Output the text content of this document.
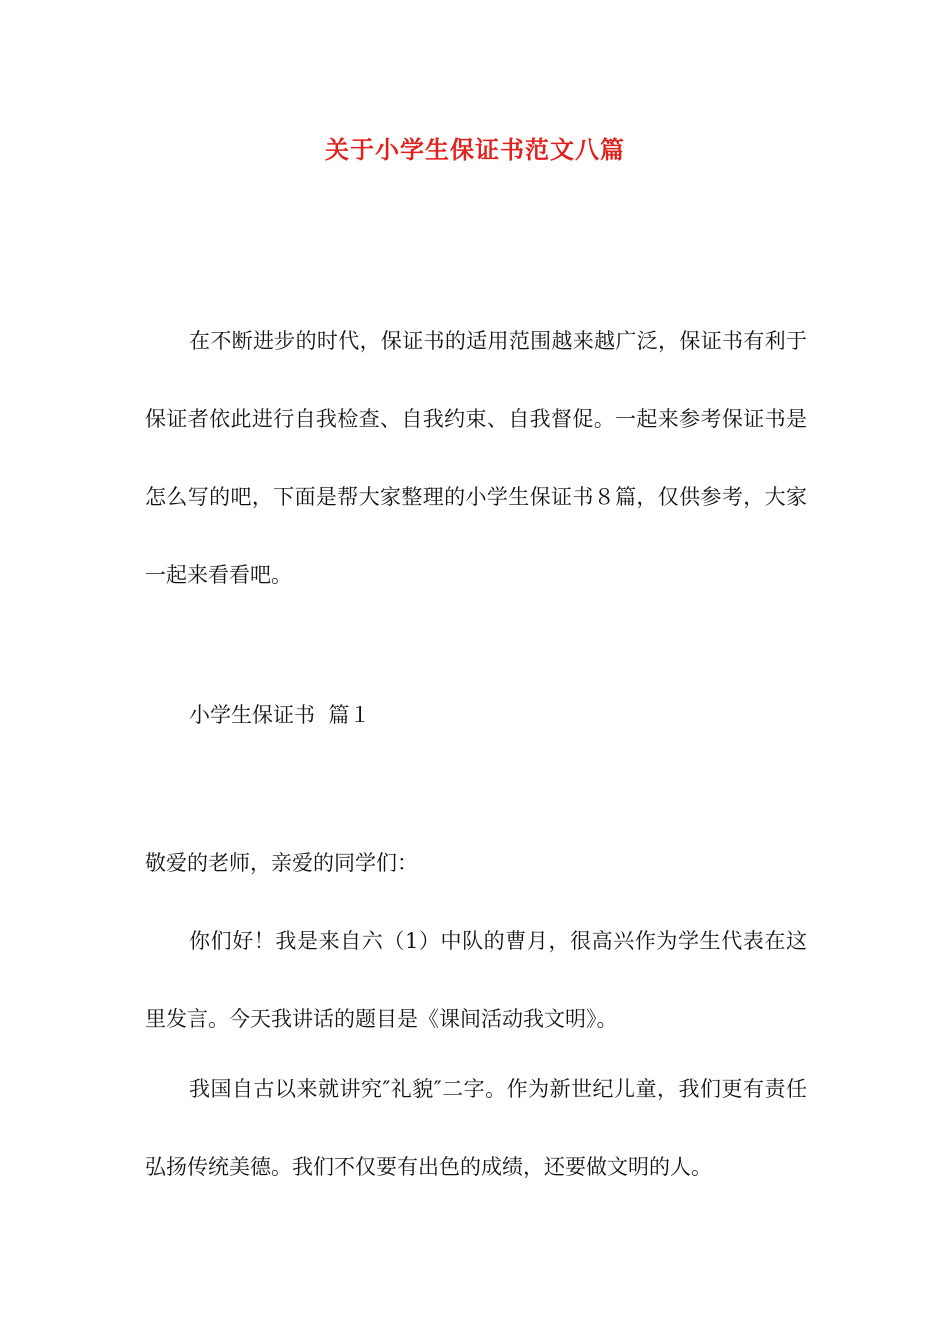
关于小学生保证书范文八篇

在不断进步的时代，保证书的适用范围越来越广泛，保证书有利于保证者依此进行自我检查、自我约束、自我督促。一起来参考保证书是怎么写的吧，下面是帮大家整理的小学生保证书８篇，仅供参考，大家一起来看看吧。

小学生保证书  篇１

敬爱的老师，亲爱的同学们：

你们好！我是来自六（1）中队的曹月，很高兴作为学生代表在这里发言。今天我讲话的题目是《课间活动我文明》。

我国自古以来就讲究″礼貌″二字。作为新世纪儿童，我们更有责任弘扬传统美德。我们不仅要有出色的成绩，还要做文明的人。
